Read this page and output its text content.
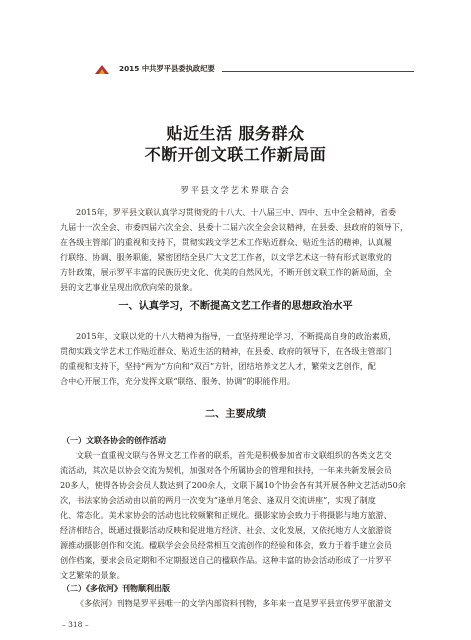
2015 中共罗平县委执政纪要
贴近生活 服务群众
不断开创文联工作新局面
罗平县文学艺术界联合会
2015年，罗平县文联认真学习贯彻党的十八大、十八届三中、四中、五中全会精神，省委
九届十一次全会、市委四届六次全会、县委十二届六次全会会议精神，在县委、县政府的领导下，
在各级主管部门的重视和支持下，贯彻实践文学艺术工作贴近群众、贴近生活的精神，认真履
行联络、协调、服务职能，紧密团结全县广大文艺工作者，以文学艺术这一特有形式讴歌党的
方针政策，展示罗平丰富的民族历史文化、优美的自然风光，不断开创文联工作的新局面，全
县的文艺事业呈现出欣欣向荣的景象。
一、认真学习，不断提高文艺工作者的思想政治水平
2015年，文联以党的十八大精神为指导，一直坚持理论学习，不断提高自身的政治素质，
贯彻实践文学艺术工作贴近群众、贴近生活的精神，在县委、政府的领导下，在各级主管部门
的重视和支持下，坚持“两为”方向和“双百”方针，团结培养文艺人才，繁荣文艺创作，配
合中心开展工作，充分发挥文联“联络、服务、协调”的职能作用。
二、主要成绩
（一）文联各协会的创作活动
文联一直重视文联与各界文艺工作者的联系，首先是积极参加省市文联组织的各类文艺交
流活动，其次是以协会交流为契机，加强对各个所属协会的管理和扶持，一年来共新发展会员
20多人，使得各协会会员人数达到了200余人，文联下属10个协会各有其开展各种文艺活动50余
次，书法家协会活动由以前的两月一次变为“逢单月笔会、逢双月交流讲座”，实现了制度
化、常态化。美术家协会的活动也比较频繁和正规化。摄影家协会致力于将摄影与地方旅游、
经济相结合，既通过摄影活动反映和促进地方经济、社会、文化发展，又依托地方人文旅游资
源推动摄影创作和交流。楹联学会会员经常相互交流创作的经验和体会，致力于着手建立会员
创作档案，要求会员定期和不定期报送自己的楹联作品。这种丰富的协会活动形成了一片罗平
文艺繁荣的景象。
（二）《多依河》刊物顺利出版
《多依河》刊物是罗平县唯一的文学内部资料刊物，多年来一直是罗平县宣传罗平旅游文
– 318 –
